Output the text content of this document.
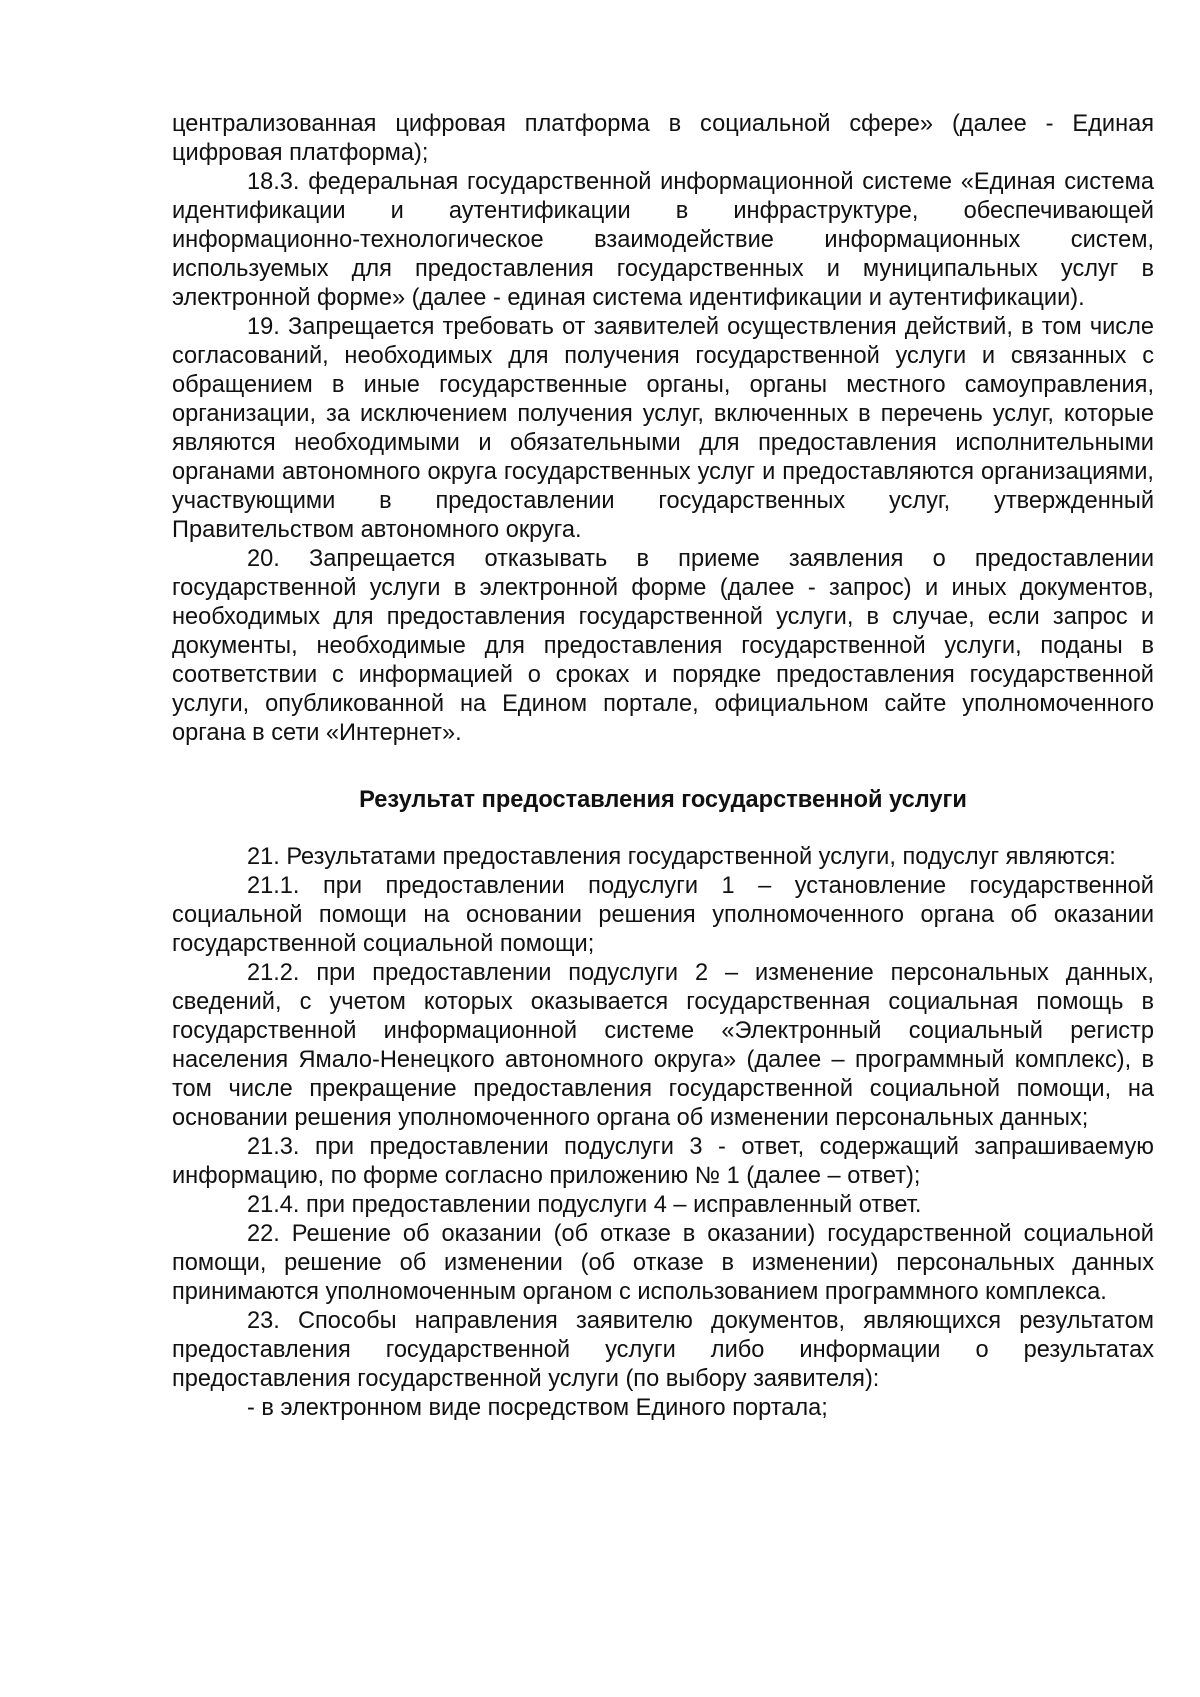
централизованная цифровая платформа в социальной сфере» (далее - Единая цифровая платформа);

18.3. федеральная государственной информационной системе «Единая система идентификации и аутентификации в инфраструктуре, обеспечивающей информационно-технологическое взаимодействие информационных систем, используемых для предоставления государственных и муниципальных услуг в электронной форме» (далее - единая система идентификации и аутентификации).

19. Запрещается требовать от заявителей осуществления действий, в том числе согласований, необходимых для получения государственной услуги и связанных с обращением в иные государственные органы, органы местного самоуправления, организации, за исключением получения услуг, включенных в перечень услуг, которые являются необходимыми и обязательными для предоставления исполнительными органами автономного округа государственных услуг и предоставляются организациями, участвующими в предоставлении государственных услуг, утвержденный Правительством автономного округа.

20. Запрещается отказывать в приеме заявления о предоставлении государственной услуги в электронной форме (далее - запрос) и иных документов, необходимых для предоставления государственной услуги, в случае, если запрос и документы, необходимые для предоставления государственной услуги, поданы в соответствии с информацией о сроках и порядке предоставления государственной услуги, опубликованной на Едином портале, официальном сайте уполномоченного органа в сети «Интернет».

Результат предоставления государственной услуги

21. Результатами предоставления государственной услуги, подуслуг являются:

21.1. при предоставлении подуслуги 1 – установление государственной социальной помощи на основании решения уполномоченного органа об оказании государственной социальной помощи;

21.2. при предоставлении подуслуги 2 – изменение персональных данных, сведений, с учетом которых оказывается государственная социальная помощь в государственной информационной системе «Электронный социальный регистр населения Ямало-Ненецкого автономного округа» (далее – программный комплекс), в том числе прекращение предоставления государственной социальной помощи, на основании решения уполномоченного органа об изменении персональных данных;

21.3. при предоставлении подуслуги 3 - ответ, содержащий запрашиваемую информацию, по форме согласно приложению № 1 (далее – ответ);

21.4. при предоставлении подуслуги 4 – исправленный ответ.

22. Решение об оказании (об отказе в оказании) государственной социальной помощи, решение об изменении (об отказе в изменении) персональных данных принимаются уполномоченным органом с использованием программного комплекса.

23. Способы направления заявителю документов, являющихся результатом предоставления государственной услуги либо информации о результатах предоставления государственной услуги (по выбору заявителя):

- в электронном виде посредством Единого портала;
